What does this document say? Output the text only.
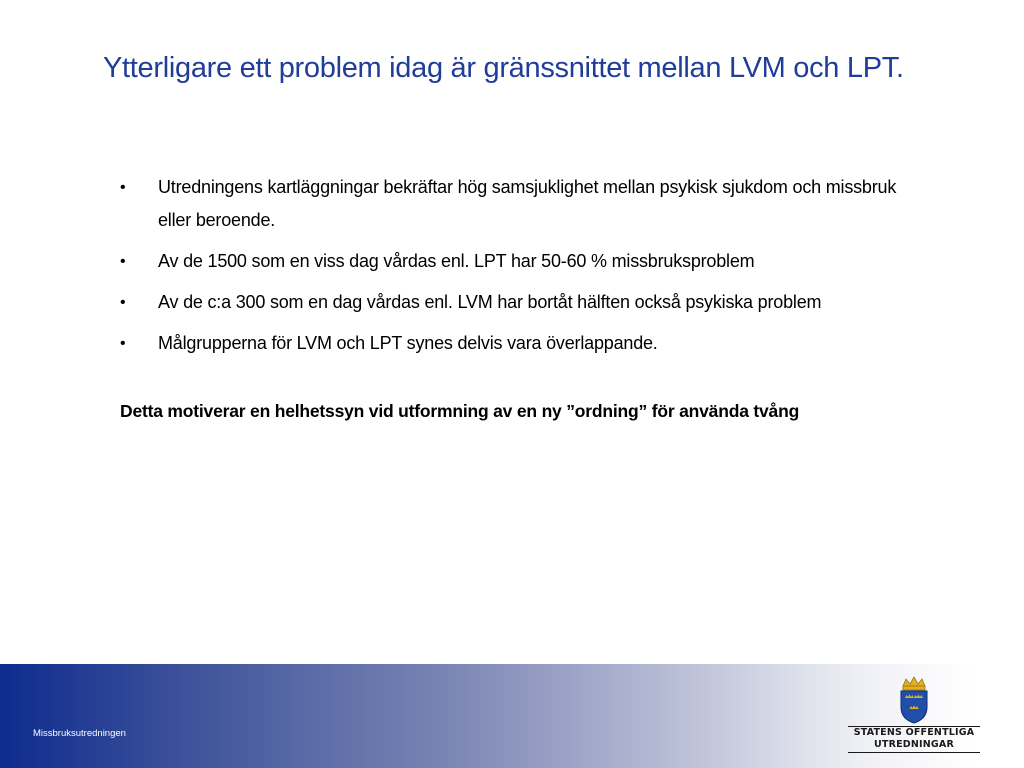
Ytterligare ett problem idag är gränssnittet mellan LVM och LPT.
• Utredningens kartläggningar bekräftar hög samsjuklighet mellan psykisk sjukdom och missbruk eller beroende.
• Av de 1500 som en viss dag vårdas enl. LPT har 50-60 % missbruksproblem
• Av de c:a 300 som en dag vårdas enl. LVM har bortåt hälften också psykiska problem
• Målgrupperna för LVM och LPT synes delvis vara överlappande.

Detta motiverar en helhetssyn vid utformning av en ny ”ordning” för använda tvång

Missbruksutredningen	STATENS OFFENTLIGA
UTREDNINGAR
